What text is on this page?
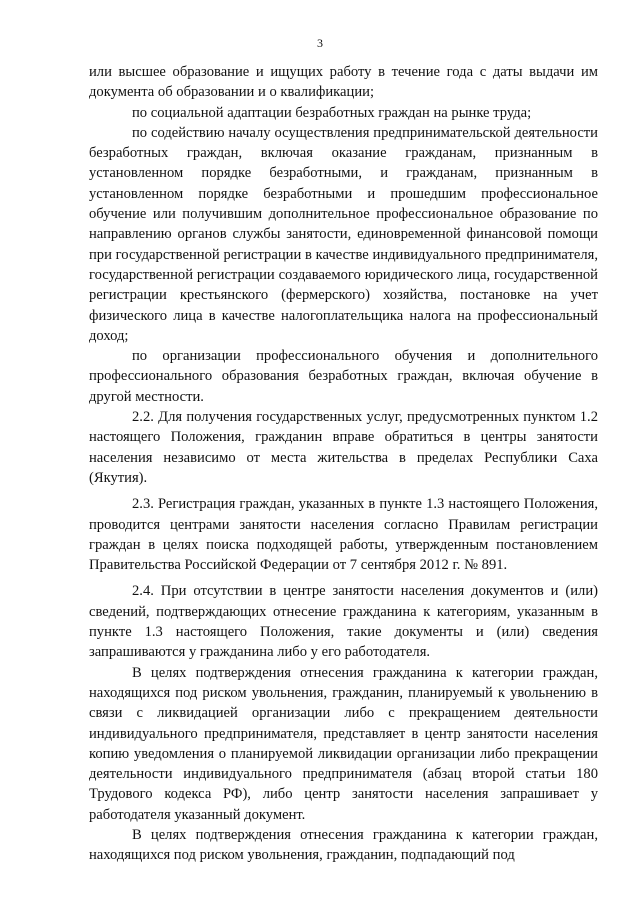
3

или высшее образование и ищущих работу в течение года с даты выдачи им документа об образовании и о квалификации;

по социальной адаптации безработных граждан на рынке труда;

по содействию началу осуществления предпринимательской деятельности безработных граждан, включая оказание гражданам, признанным в установленном порядке безработными, и гражданам, признанным в установленном порядке безработными и прошедшим профессиональное обучение или получившим дополнительное профессиональное образование по направлению органов службы занятости, единовременной финансовой помощи при государственной регистрации в качестве индивидуального предпринимателя, государственной регистрации создаваемого юридического лица, государственной регистрации крестьянского (фермерского) хозяйства, постановке на учет физического лица в качестве налогоплательщика налога на профессиональный доход;

по организации профессионального обучения и дополнительного профессионального образования безработных граждан, включая обучение в другой местности.

2.2. Для получения государственных услуг, предусмотренных пунктом 1.2 настоящего Положения, гражданин вправе обратиться в центры занятости населения независимо от места жительства в пределах Республики Саха (Якутия).

2.3. Регистрация граждан, указанных в пункте 1.3 настоящего Положения, проводится центрами занятости населения согласно Правилам регистрации граждан в целях поиска подходящей работы, утвержденным постановлением Правительства Российской Федерации от 7 сентября 2012 г. № 891.

2.4. При отсутствии в центре занятости населения документов и (или) сведений, подтверждающих отнесение гражданина к категориям, указанным в пункте 1.3 настоящего Положения, такие документы и (или) сведения запрашиваются у гражданина либо у его работодателя.

В целях подтверждения отнесения гражданина к категории граждан, находящихся под риском увольнения, гражданин, планируемый к увольнению в связи с ликвидацией организации либо с прекращением деятельности индивидуального предпринимателя, представляет в центр занятости населения копию уведомления о планируемой ликвидации организации либо прекращении деятельности индивидуального предпринимателя (абзац второй статьи 180 Трудового кодекса РФ), либо центр занятости населения запрашивает у работодателя указанный документ.

В целях подтверждения отнесения гражданина к категории граждан, находящихся под риском увольнения, гражданин, подпадающий под
